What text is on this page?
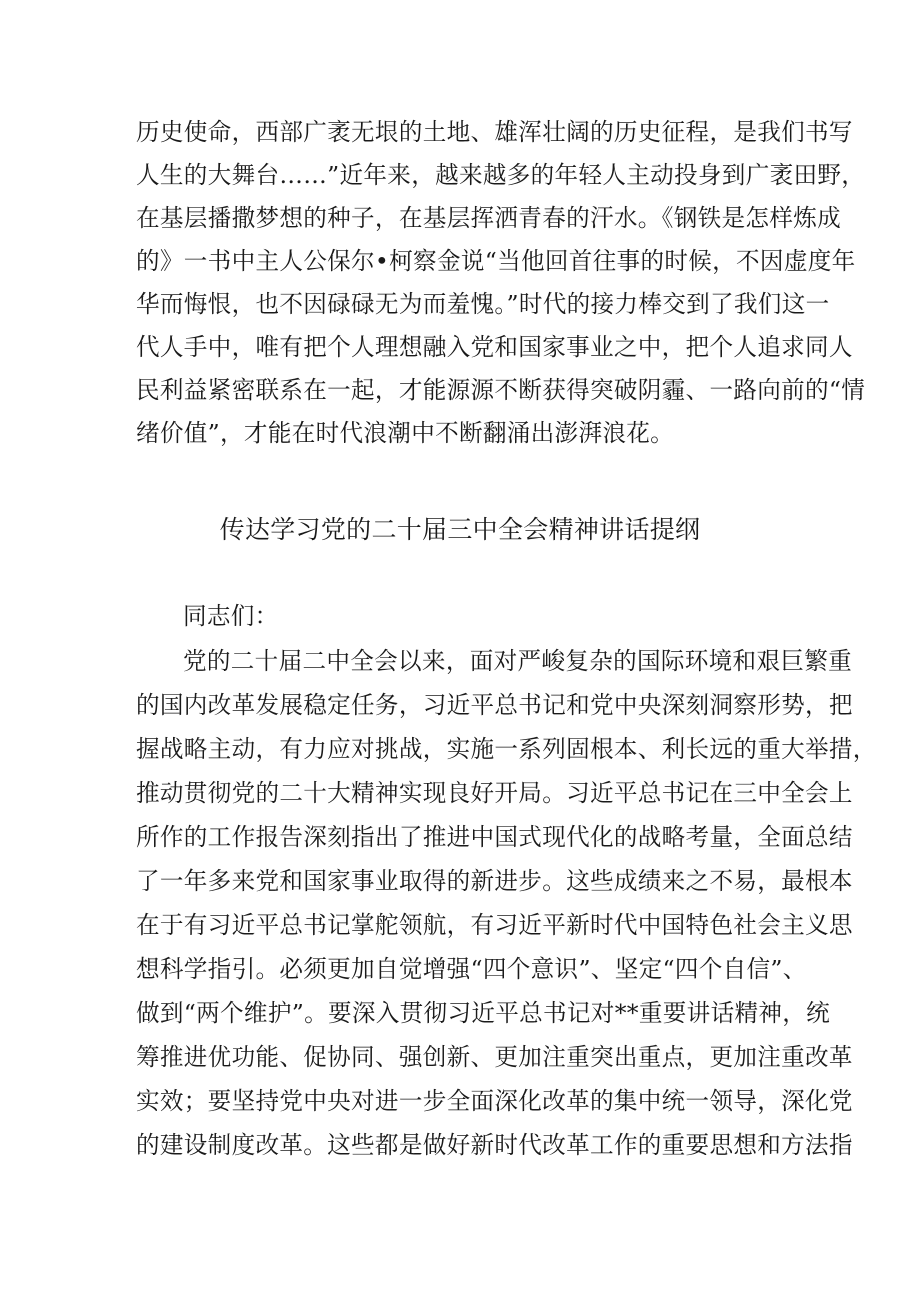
历史使命，西部广袤无垠的土地、雄浑壮阔的历史征程，是我们书写
人生的大舞台……”近年来，越来越多的年轻人主动投身到广袤田野，
在基层播撒梦想的种子，在基层挥洒青春的汗水。《钢铁是怎样炼成
的》一书中主人公保尔•柯察金说“当他回首往事的时候，不因虚度年
华而悔恨，也不因碌碌无为而羞愧。”时代的接力棒交到了我们这一
代人手中，唯有把个人理想融入党和国家事业之中，把个人追求同人
民利益紧密联系在一起，才能源源不断获得突破阴霾、一路向前的“情
绪价值”，才能在时代浪潮中不断翻涌出澎湃浪花。
传达学习党的二十届三中全会精神讲话提纲
同志们：
党的二十届二中全会以来，面对严峻复杂的国际环境和艰巨繁重
的国内改革发展稳定任务，习近平总书记和党中央深刻洞察形势，把
握战略主动，有力应对挑战，实施一系列固根本、利长远的重大举措，
推动贯彻党的二十大精神实现良好开局。习近平总书记在三中全会上
所作的工作报告深刻指出了推进中国式现代化的战略考量，全面总结
了一年多来党和国家事业取得的新进步。这些成绩来之不易，最根本
在于有习近平总书记掌舵领航，有习近平新时代中国特色社会主义思
想科学指引。必须更加自觉增强“四个意识”、坚定“四个自信”、
做到“两个维护”。要深入贯彻习近平总书记对**重要讲话精神，统
筹推进优功能、促协同、强创新、更加注重突出重点，更加注重改革
实效；要坚持党中央对进一步全面深化改革的集中统一领导，深化党
的建设制度改革。这些都是做好新时代改革工作的重要思想和方法指
